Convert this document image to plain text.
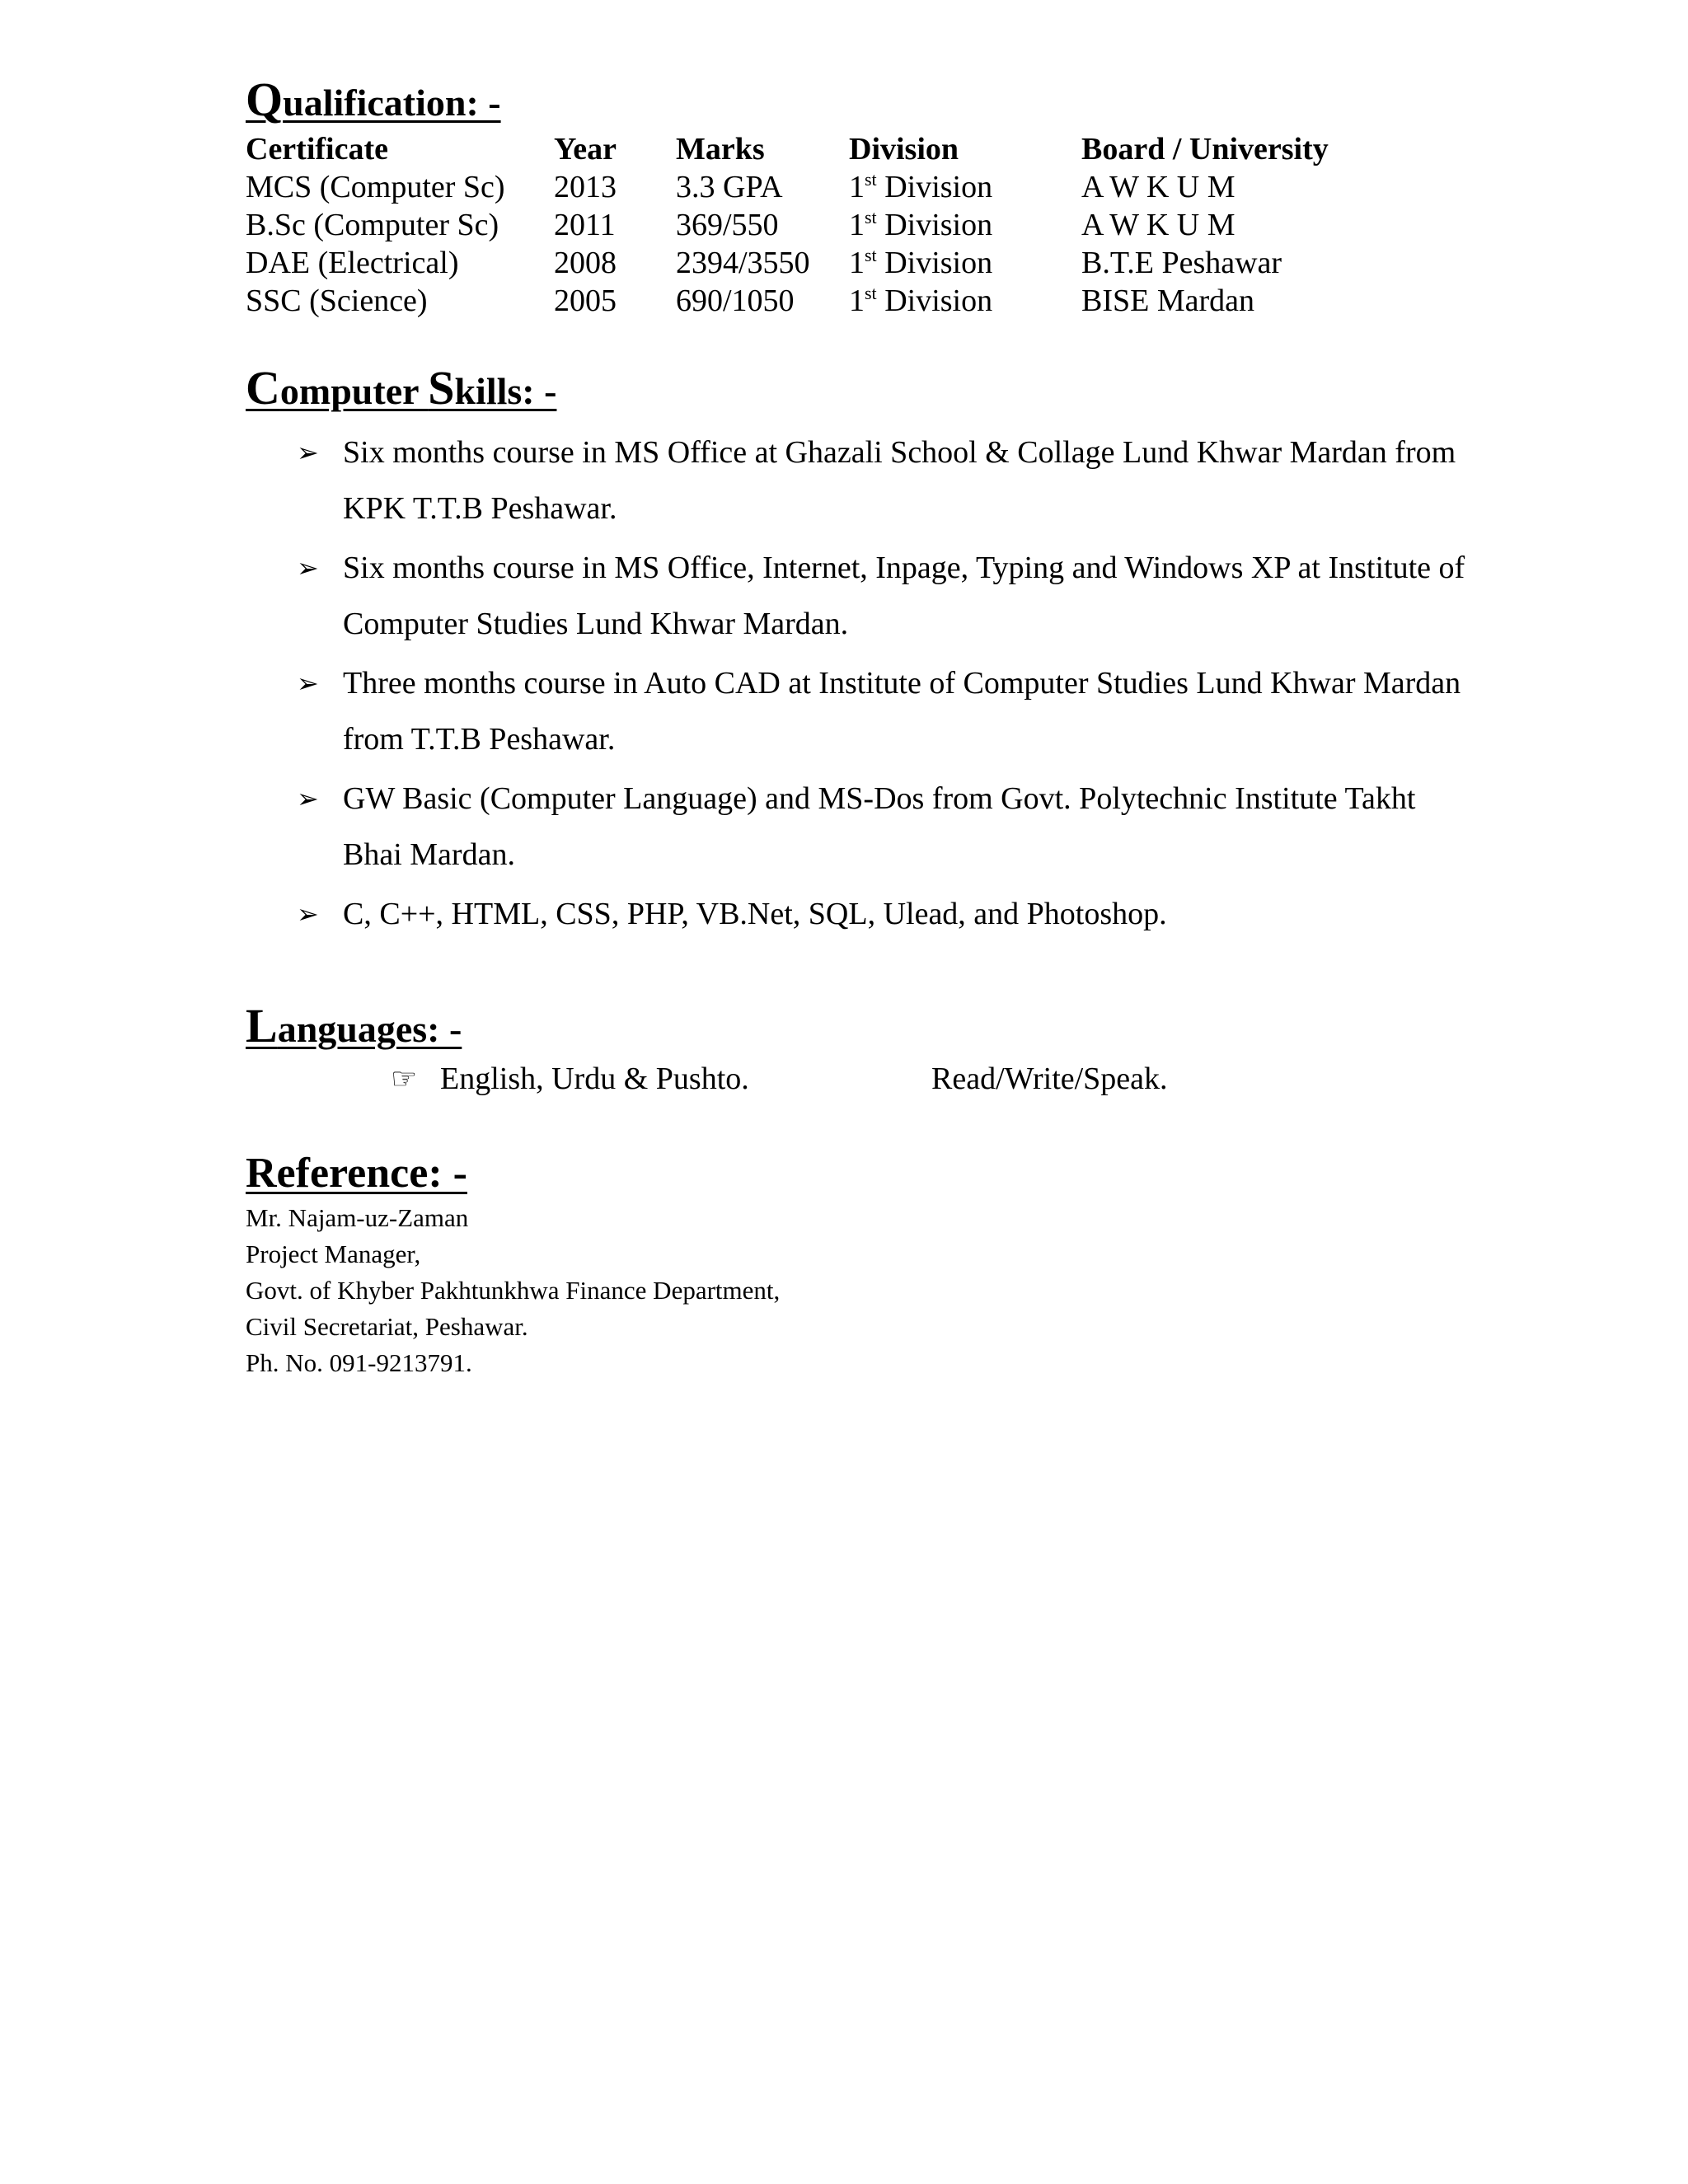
Qualification: -
Certificate	Year	Marks	Division	Board / University
MCS (Computer Sc)	2013	3.3 GPA	1st Division	A W K U M
B.Sc (Computer Sc)	2011	369/550	1st Division	A W K U M
DAE (Electrical)	2008	2394/3550	1st Division	B.T.E Peshawar
SSC (Science)	2005	690/1050	1st Division	BISE Mardan
Computer Skills: -
➢ Six months course in MS Office at Ghazali School & Collage Lund Khwar Mardan from KPK T.T.B Peshawar.
➢ Six months course in MS Office, Internet, Inpage, Typing and Windows XP at Institute of Computer Studies Lund Khwar Mardan.
➢ Three months course in Auto CAD at Institute of Computer Studies Lund Khwar Mardan from T.T.B Peshawar.
➢ GW Basic (Computer Language) and MS-Dos from Govt. Polytechnic Institute Takht Bhai Mardan.
➢ C, C++, HTML, CSS, PHP, VB.Net, SQL, Ulead, and Photoshop.
Languages: -
☞ English, Urdu & Pushto.	Read/Write/Speak.
Reference: -
Mr. Najam-uz-Zaman
Project Manager,
Govt. of Khyber Pakhtunkhwa Finance Department,
Civil Secretariat, Peshawar.
Ph. No. 091-9213791.
